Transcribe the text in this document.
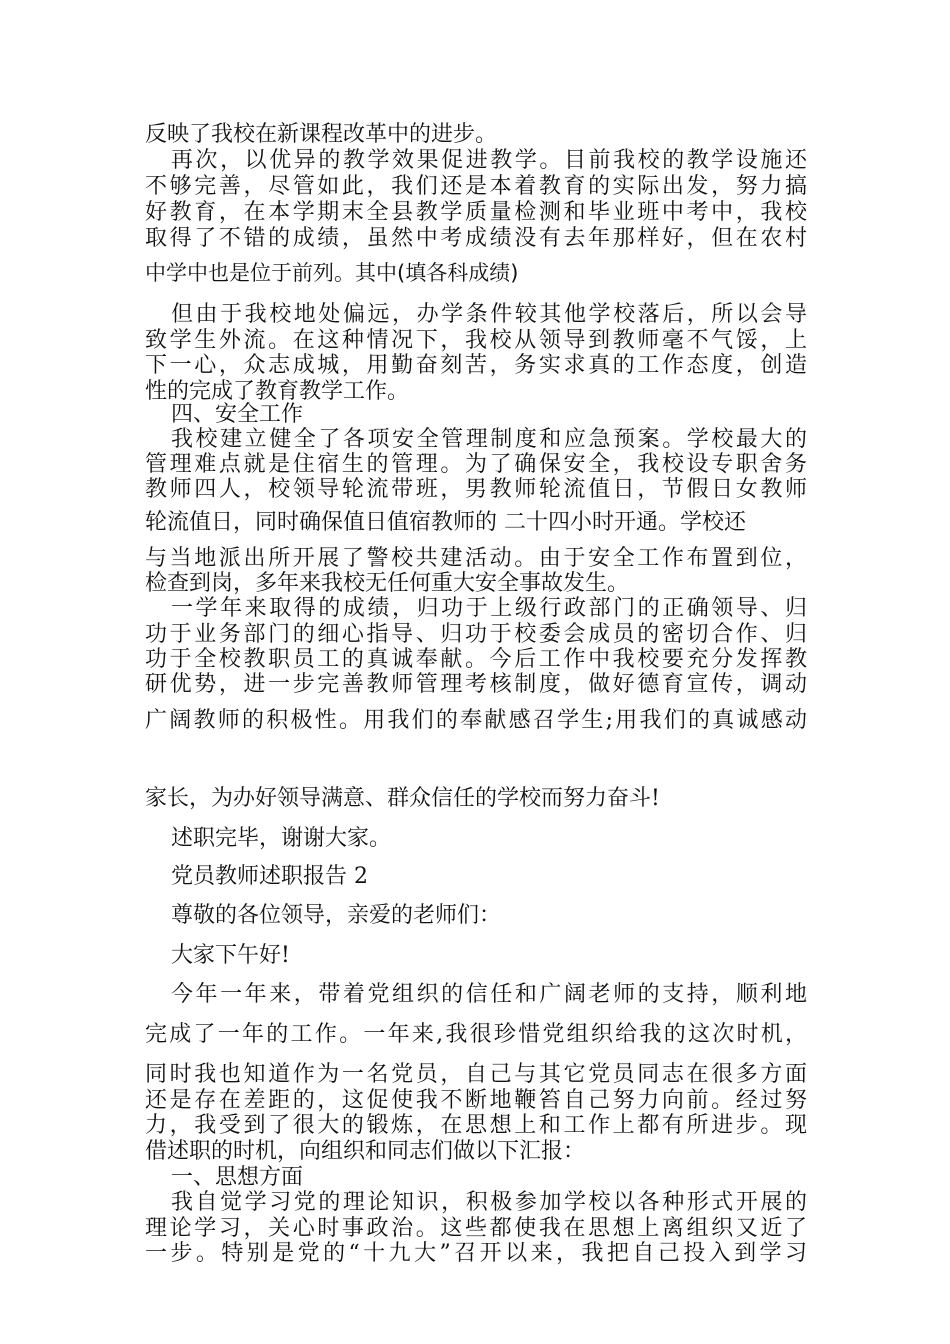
反映了我校在新课程改革中的进步。

再次，以优异的教学效果促进教学。目前我校的教学设施还

不够完善，尽管如此，我们还是本着教育的实际出发，努力搞

好教育，在本学期末全县教学质量检测和毕业班中考中，我校

取得了不错的成绩，虽然中考成绩没有去年那样好，但在农村

中学中也是位于前列。其中(填各科成绩)

但由于我校地处偏远，办学条件较其他学校落后，所以会导

致学生外流。在这种情况下，我校从领导到教师毫不气馁，上

下一心，众志成城，用勤奋刻苦，务实求真的工作态度，创造

性的完成了教育教学工作。

四、安全工作

我校建立健全了各项安全管理制度和应急预案。学校最大的

管理难点就是住宿生的管理。为了确保安全，我校设专职舍务

教师四人，校领导轮流带班，男教师轮流值日，节假日女教师

轮流值日，同时确保值日值宿教师的 二十四小时开通。学校还

与当地派出所开展了警校共建活动。由于安全工作布置到位，

检查到岗，多年来我校无任何重大安全事故发生。

一学年来取得的成绩，归功于上级行政部门的正确领导、归

功于业务部门的细心指导、归功于校委会成员的密切合作、归

功于全校教职员工的真诚奉献。今后工作中我校要充分发挥教

研优势，进一步完善教师管理考核制度，做好德育宣传，调动

广阔教师的积极性。用我们的奉献感召学生;用我们的真诚感动

家长，为办好领导满意、群众信任的学校而努力奋斗!

述职完毕，谢谢大家。

党员教师述职报告 2

尊敬的各位领导，亲爱的老师们：

大家下午好!

今年一年来，带着党组织的信任和广阔老师的支持，顺利地

完成了一年的工作。一年来,我很珍惜党组织给我的这次时机，

同时我也知道作为一名党员，自己与其它党员同志在很多方面

还是存在差距的，这促使我不断地鞭笞自己努力向前。经过努

力，我受到了很大的锻炼，在思想上和工作上都有所进步。现

借述职的时机，向组织和同志们做以下汇报：

一、思想方面

我自觉学习党的理论知识，积极参加学校以各种形式开展的

理论学习，关心时事政治。这些都使我在思想上离组织又近了

一步。特别是党的“十九大”召开以来，我把自己投入到学习
